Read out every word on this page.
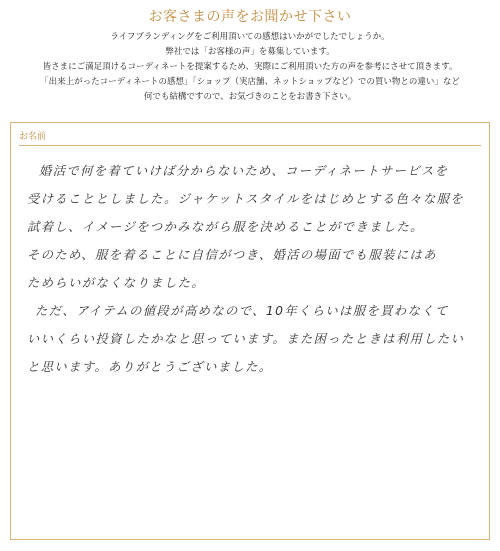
お客さまの声をお聞かせ下さい
ライフブランディングをご利用頂いての感想はいかがでしたでしょうか。
弊社では「お客様の声」を募集しています。
皆さまにご満足頂けるコーディネートを提案するため、実際にご利用頂いた方の声を参考にさせて頂きます。
「出来上がったコーディネートの感想」「ショップ（実店舗、ネットショップなど）での買い物との違い」など
何でも結構ですので、お気づきのことをお書き下さい。
お名前
婚活で何を着ていけば分からないため、コーディネートサービスを
受けることとしました。ジャケットスタイルをはじめとする色々な服を
試着し、イメージをつかみながら服を決めることができました。
そのため、服を着ることに自信がつき、婚活の場面でも服装にはあ
ためらいがなくなりました。
ただ、アイテムの値段が高めなので、10年くらいは服を買わなくて
いいくらい投資したかなと思っています。また困ったときは利用したい
と思います。ありがとうございました。
